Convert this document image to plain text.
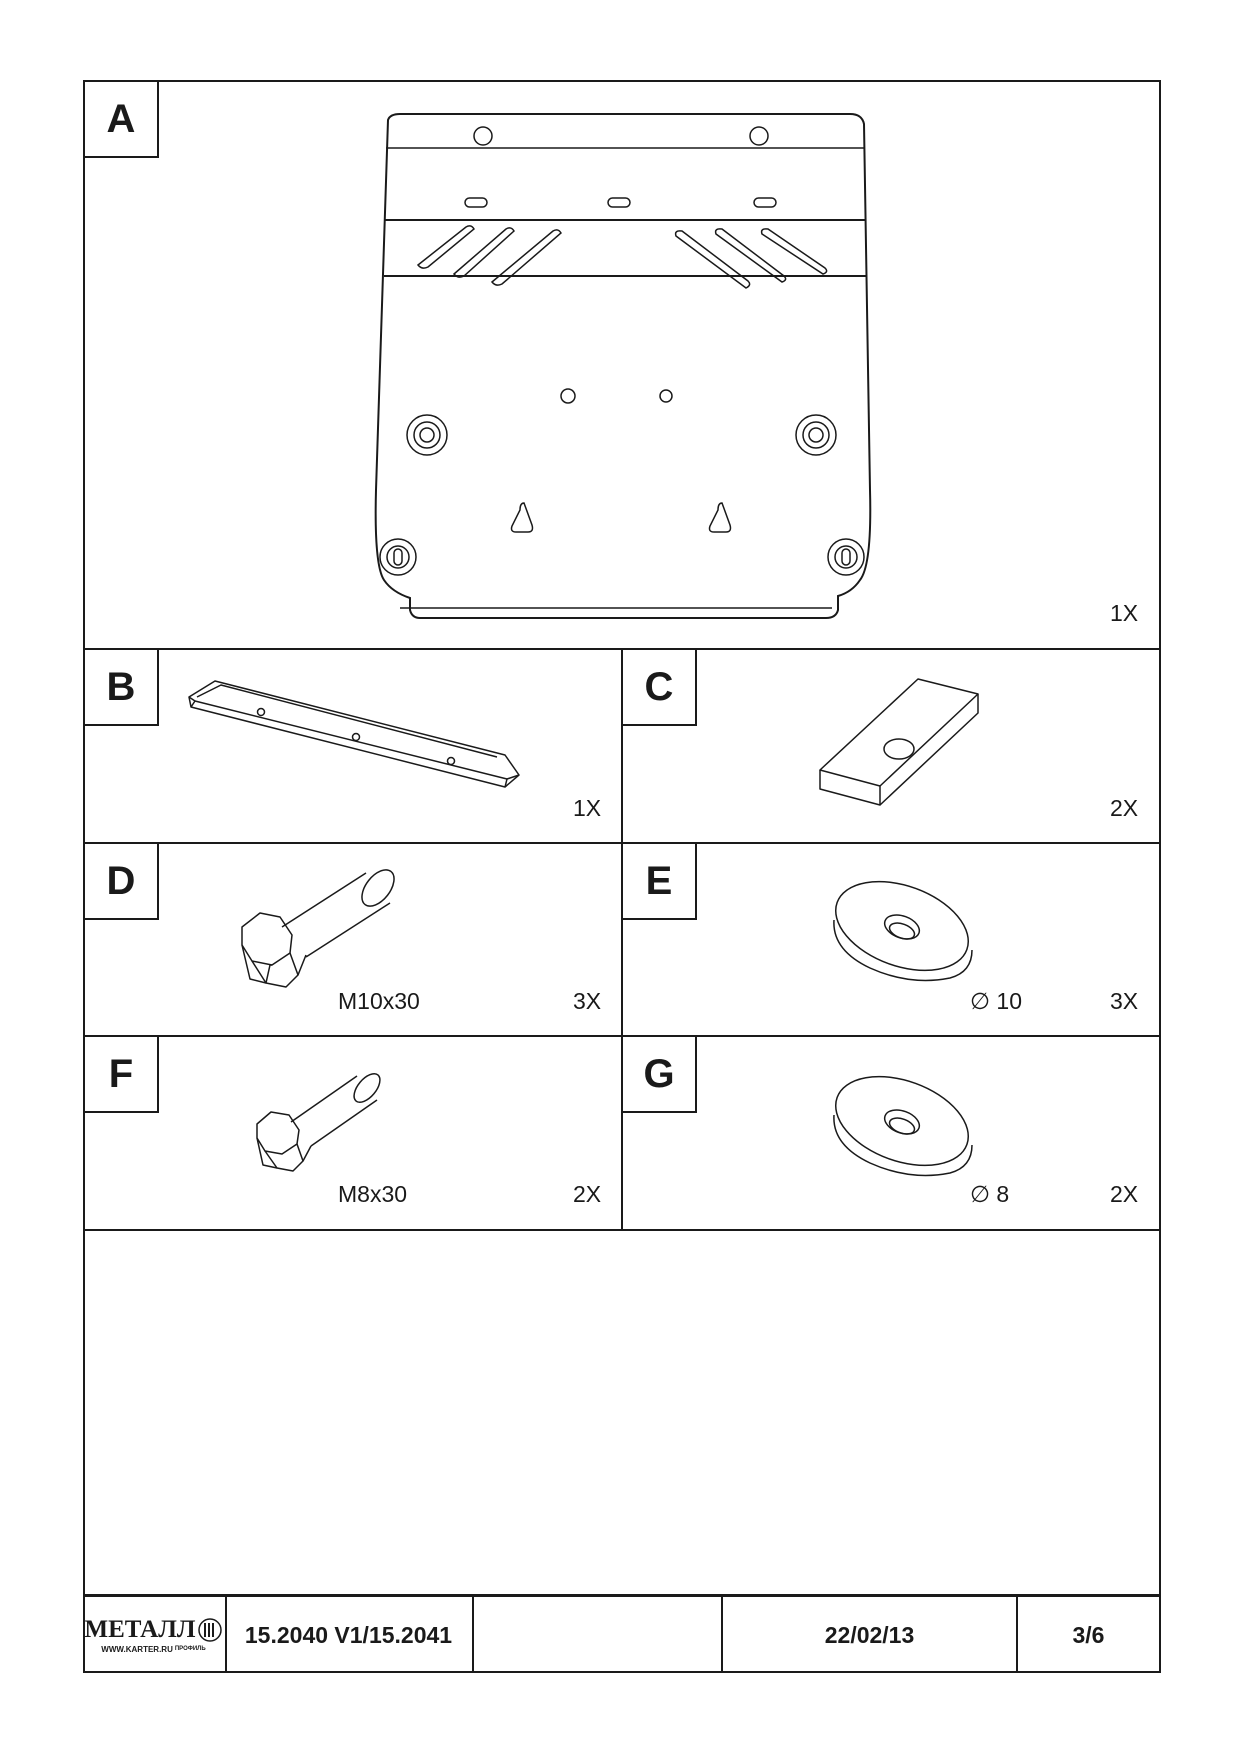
A
1X
B
1X
C
2X
D
M10x30	3X
E
∅ 10	3X
F
M8x30	2X
G
∅ 8	2X
МЕТАЛЛ
WWW.KARTER.RU ПРОФИЛЬ
15.2040 V1/15.2041	22/02/13	3/6
